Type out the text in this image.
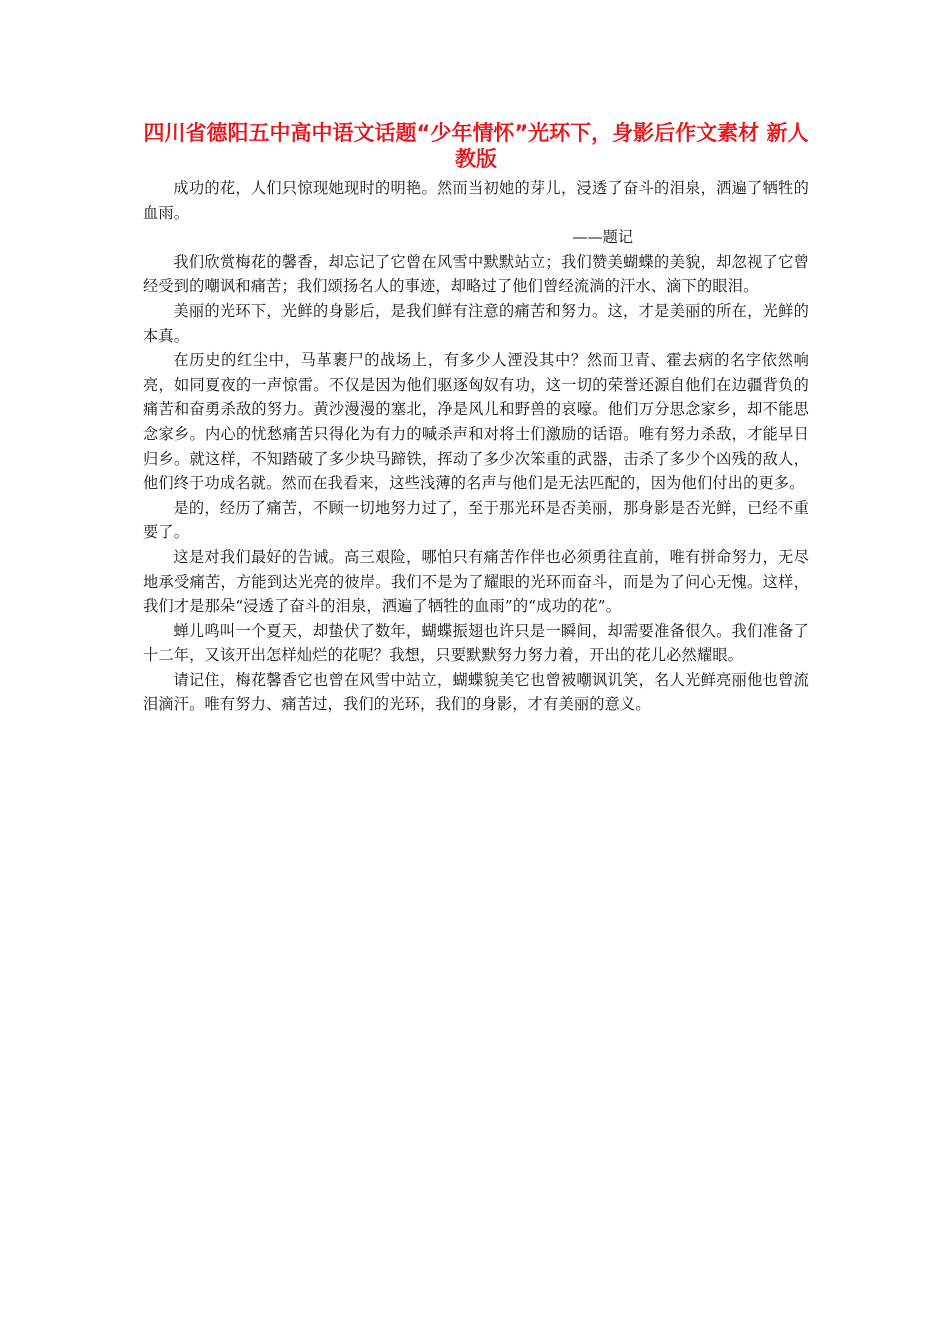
四川省德阳五中高中语文话题“少年情怀”光环下，身影后作文素材 新人教版

成功的花，人们只惊现她现时的明艳。然而当初她的芽儿，浸透了奋斗的泪泉，洒遍了牺牲的血雨。

——题记

我们欣赏梅花的馨香，却忘记了它曾在风雪中默默站立；我们赞美蝴蝶的美貌，却忽视了它曾经受到的嘲讽和痛苦；我们颂扬名人的事迹，却略过了他们曾经流淌的汗水、滴下的眼泪。

美丽的光环下，光鲜的身影后，是我们鲜有注意的痛苦和努力。这，才是美丽的所在，光鲜的本真。

在历史的红尘中，马革裹尸的战场上，有多少人湮没其中？然而卫青、霍去病的名字依然响亮，如同夏夜的一声惊雷。不仅是因为他们驱逐匈奴有功，这一切的荣誉还源自他们在边疆背负的痛苦和奋勇杀敌的努力。黄沙漫漫的塞北，净是风儿和野兽的哀嚎。他们万分思念家乡，却不能思念家乡。内心的忧愁痛苦只得化为有力的喊杀声和对将士们激励的话语。唯有努力杀敌，才能早日归乡。就这样，不知踏破了多少块马蹄铁，挥动了多少次笨重的武器，击杀了多少个凶残的敌人，他们终于功成名就。然而在我看来，这些浅薄的名声与他们是无法匹配的，因为他们付出的更多。

是的，经历了痛苦，不顾一切地努力过了，至于那光环是否美丽，那身影是否光鲜，已经不重要了。

这是对我们最好的告诫。高三艰险，哪怕只有痛苦作伴也必须勇往直前，唯有拼命努力，无尽地承受痛苦，方能到达光亮的彼岸。我们不是为了耀眼的光环而奋斗，而是为了问心无愧。这样，我们才是那朵“浸透了奋斗的泪泉，洒遍了牺牲的血雨”的“成功的花”。

蝉儿鸣叫一个夏天，却蛰伏了数年，蝴蝶振翅也许只是一瞬间，却需要准备很久。我们准备了十二年，又该开出怎样灿烂的花呢？我想，只要默默努力努力着，开出的花儿必然耀眼。

请记住，梅花馨香它也曾在风雪中站立，蝴蝶貌美它也曾被嘲讽讥笑，名人光鲜亮丽他也曾流泪滴汗。唯有努力、痛苦过，我们的光环，我们的身影，才有美丽的意义。
